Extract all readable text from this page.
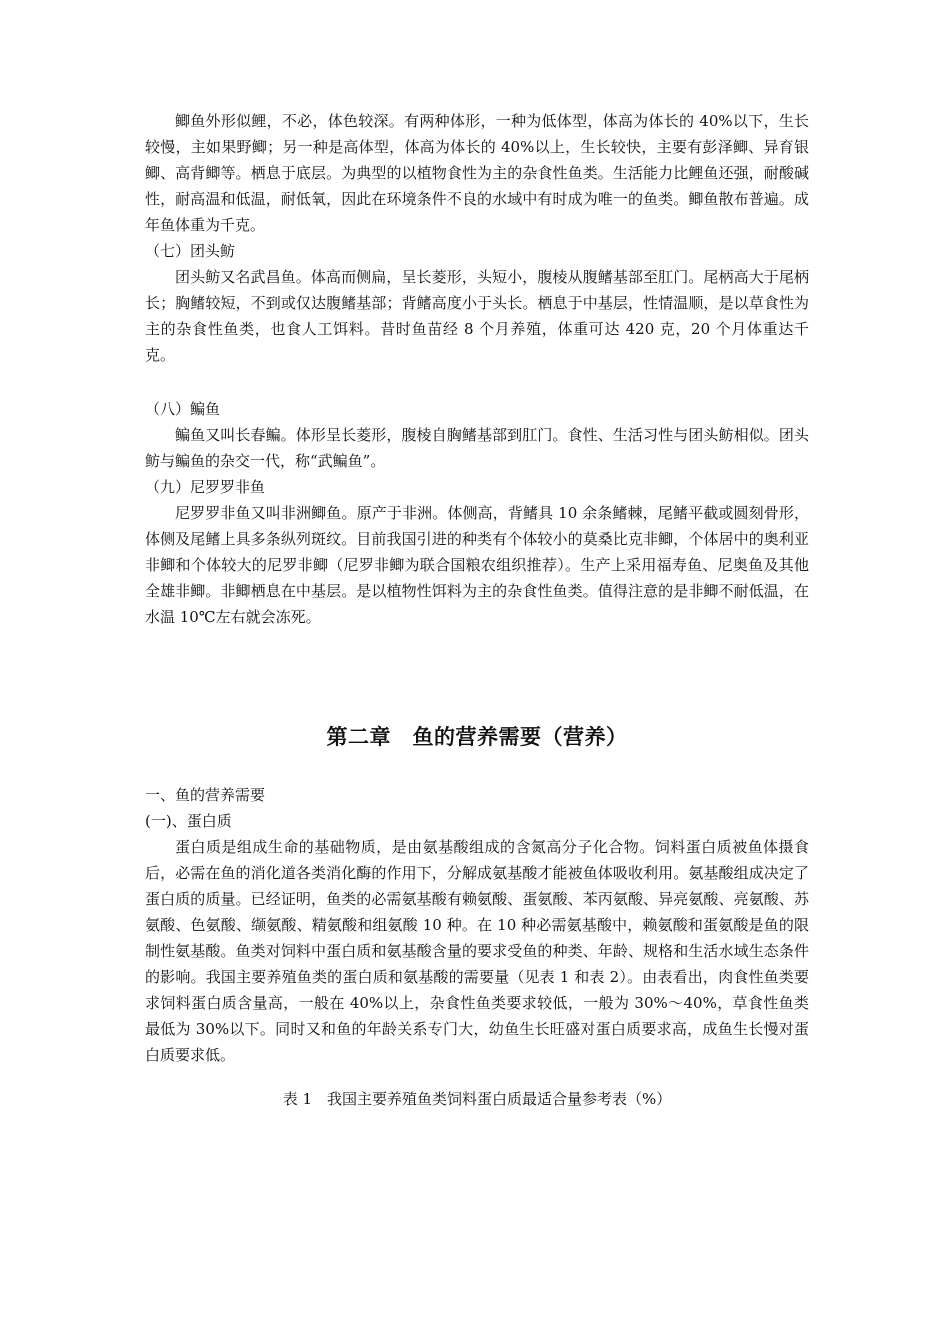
鲫鱼外形似鲤，不必，体色较深。有两种体形，一种为低体型，体高为体长的 40%以下，生长较慢，主如果野鲫；另一种是高体型，体高为体长的 40%以上，生长较快，主要有彭泽鲫、异育银鲫、高背鲫等。栖息于底层。为典型的以植物食性为主的杂食性鱼类。生活能力比鲤鱼还强，耐酸碱性，耐高温和低温，耐低氧，因此在环境条件不良的水域中有时成为唯一的鱼类。鲫鱼散布普遍。成年鱼体重为千克。

（七）团头鲂

团头鲂又名武昌鱼。体高而侧扁，呈长菱形，头短小，腹棱从腹鳍基部至肛门。尾柄高大于尾柄长；胸鳍较短，不到或仅达腹鳍基部；背鳍高度小于头长。栖息于中基层，性情温顺，是以草食性为主的杂食性鱼类，也食人工饵料。昔时鱼苗经 8 个月养殖，体重可达 420 克，20 个月体重达千克。

（八）鳊鱼

鳊鱼又叫长春鳊。体形呈长菱形，腹棱自胸鳍基部到肛门。食性、生活习性与团头鲂相似。团头鲂与鳊鱼的杂交一代，称“武鳊鱼”。

（九）尼罗罗非鱼

尼罗罗非鱼又叫非洲鲫鱼。原产于非洲。体侧高，背鳍具 10 余条鳍棘，尾鳍平截或圆刻骨形，体侧及尾鳍上具多条纵列斑纹。目前我国引进的种类有个体较小的莫桑比克非鲫，个体居中的奥利亚非鲫和个体较大的尼罗非鲫（尼罗非鲫为联合国粮农组织推荐）。生产上采用福寿鱼、尼奥鱼及其他全雄非鲫。非鲫栖息在中基层。是以植物性饵料为主的杂食性鱼类。值得注意的是非鲫不耐低温，在水温 10℃左右就会冻死。

第二章　鱼的营养需要（营养）

一、鱼的营养需要

(一)、蛋白质

蛋白质是组成生命的基础物质，是由氨基酸组成的含氮高分子化合物。饲料蛋白质被鱼体摄食后，必需在鱼的消化道各类消化酶的作用下，分解成氨基酸才能被鱼体吸收利用。氨基酸组成决定了蛋白质的质量。已经证明，鱼类的必需氨基酸有赖氨酸、蛋氨酸、苯丙氨酸、异亮氨酸、亮氨酸、苏氨酸、色氨酸、缬氨酸、精氨酸和组氨酸 10 种。在 10 种必需氨基酸中，赖氨酸和蛋氨酸是鱼的限制性氨基酸。鱼类对饲料中蛋白质和氨基酸含量的要求受鱼的种类、年龄、规格和生活水域生态条件的影响。我国主要养殖鱼类的蛋白质和氨基酸的需要量（见表 1 和表 2）。由表看出，肉食性鱼类要求饲料蛋白质含量高，一般在 40%以上，杂食性鱼类要求较低，一般为 30%～40%，草食性鱼类最低为 30%以下。同时又和鱼的年龄关系专门大，幼鱼生长旺盛对蛋白质要求高，成鱼生长慢对蛋白质要求低。

表 1　我国主要养殖鱼类饲料蛋白质最适合量参考表（%）
